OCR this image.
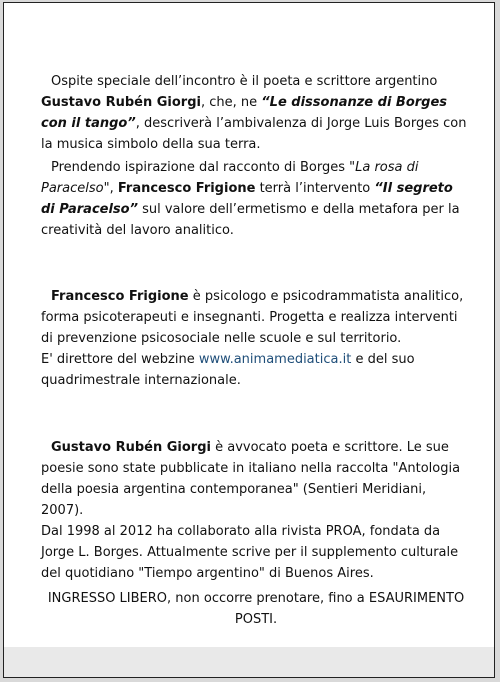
Ospite speciale dell’incontro è il poeta e scrittore argentino Gustavo Rubén Giorgi, che, ne “Le dissonanze di Borges con il tango”, descriverà l’ambivalenza di Jorge Luis Borges con la musica simbolo della sua terra.

Prendendo ispirazione dal racconto di Borges "La rosa di Paracelso", Francesco Frigione terrà l’intervento “Il segreto di Paracelso” sul valore dell’ermetismo e della metafora per la creatività del lavoro analitico.

Francesco Frigione è psicologo e psicodrammatista analitico, forma psicoterapeuti e insegnanti. Progetta e realizza interventi di prevenzione psicosociale nelle scuole e sul territorio.

E' direttore del webzine www.animamediatica.it e del suo quadrimestrale internazionale.

Gustavo Rubén Giorgi è avvocato poeta e scrittore. Le sue poesie sono state pubblicate in italiano nella raccolta "Antologia della poesia argentina contemporanea" (Sentieri Meridiani, 2007).

Dal 1998 al 2012 ha collaborato alla rivista PROA, fondata da Jorge L. Borges. Attualmente scrive per il supplemento culturale del quotidiano "Tiempo argentino" di Buenos Aires.

INGRESSO LIBERO, non occorre prenotare, fino a ESAURIMENTO POSTI.
